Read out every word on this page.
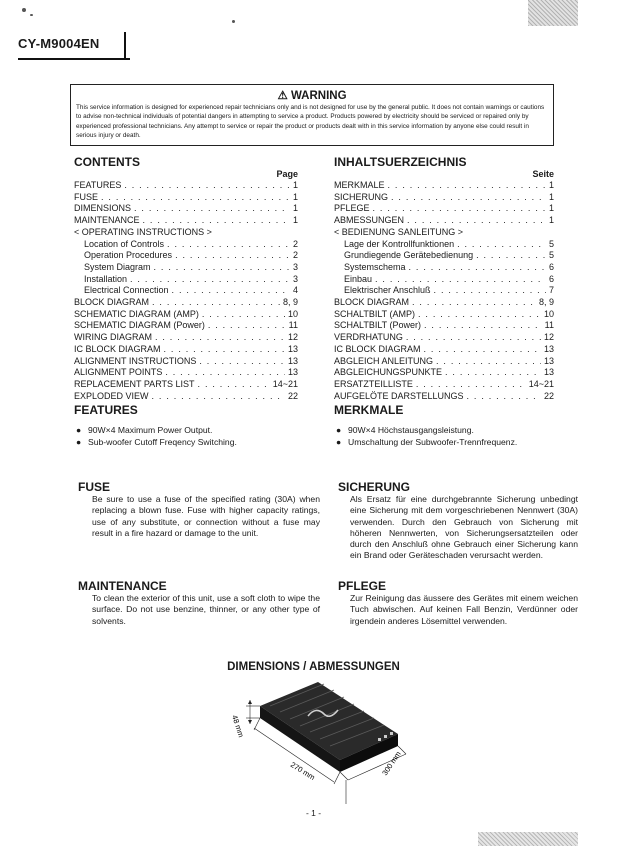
CY-M9004EN
⚠ WARNING
This service information is designed for experienced repair technicians only and is not designed for use by the general public. It does not contain warnings or cautions to advise non-technical individuals of potential dangers in attempting to service a product. Products powered by electricity should be serviced or repaired only by experienced professional technicians. Any attempt to service or repair the product or products dealt with in this service information by anyone else could result in serious injury or death.
CONTENTS
Page
FEATURES . . .	1
FUSE . . .	1
DIMENSIONS . . .	1
MAINTENANCE . . .	1
< OPERATING INSTRUCTIONS >
Location of Controls . . .	2
Operation Procedures . . .	2
System Diagram . . .	3
Installation . . .	3
Electrical Connection . . .	4
BLOCK DIAGRAM . . .	8, 9
SCHEMATIC DIAGRAM (AMP) . . .	10
SCHEMATIC DIAGRAM (Power) . . .	11
WIRING DIAGRAM . . .	12
IC BLOCK DIAGRAM . . .	13
ALIGNMENT INSTRUCTIONS . . .	13
ALIGNMENT POINTS . . .	13
REPLACEMENT PARTS LIST . . .	14~21
EXPLODED VIEW . . .	22
INHALTSUERZEICHNIS
Seite
MERKMALE . . .	1
SICHERUNG . . .	1
PFLEGE . . .	1
ABMESSUNGEN . . .	1
< BEDIENUNG SANLEITUNG >
Lage der Kontrollfunktionen . . .	5
Grundiegende Gerätebedienung . . .	5
Systemschema . . .	6
Einbau . . .	6
Elektrischer Anschluß . . .	7
BLOCK DIAGRAM . . .	8, 9
SCHALTBILT (AMP) . . .	10
SCHALTBILT (Power) . . .	11
VERDRHATUNG . . .	12
IC BLOCK DIAGRAM . . .	13
ABGLEICH ANLEITUNG . . .	13
ABGLEICHUNGSPUNKTE . . .	13
ERSATZTEILLISTE . . .	14~21
AUFGELÖTE DARSTELLUNGS . . .	22
FEATURES
● 90W×4 Maximum Power Output.
● Sub-woofer Cutoff Freqency Switching.
MERKMALE
● 90W×4 Höchstausgangsleistung.
● Umschaltung der Subwoofer-Trennfrequenz.
FUSE
Be sure to use a fuse of the specified rating (30A) when replacing a blown fuse. Fuse with higher capacity ratings, use of any substitute, or connection without a fuse may result in a fire hazard or damage to the unit.
SICHERUNG
Als Ersatz für eine durchgebrannte Sicherung unbedingt eine Sicherung mit dem vorgeschriebenen Nennwert (30A) verwenden. Durch den Gebrauch von Sicherung mit höheren Nennwerten, von Sicherungsersatzteilen oder durch den Anschluß ohne Gebrauch einer Sicherung kann ein Brand oder Geräteschaden verursacht werden.
MAINTENANCE
To clean the exterior of this unit, use a soft cloth to wipe the surface. Do not use benzine, thinner, or any other type of solvents.
PFLEGE
Zur Reinigung das äussere des Gerätes mit einem weichen Tuch abwischen. Auf keinen Fall Benzin, Verdünner oder irgendein anderes Lösemittel verwenden.
DIMENSIONS / ABMESSUNGEN
48 mm
270 mm	300 mm
- 1 -
